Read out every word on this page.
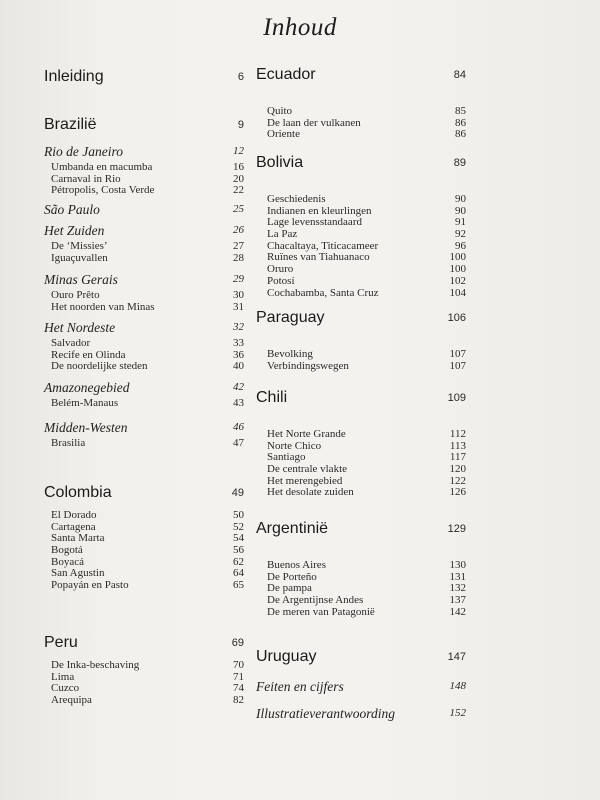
Inhoud
Inleiding	6
Brazilië	9
Rio de Janeiro	12
Umbanda en macumba	16
Carnaval in Rio	20
Pétropolis, Costa Verde	22
São Paulo	25
Het Zuiden	26
De ‘Missies’	27
Iguaçuvallen	28
Minas Gerais	29
Ouro Prêto	30
Het noorden van Minas	31
Het Nordeste	32
Salvador	33
Recife en Olinda	36
De noordelijke steden	40
Amazonegebied	42
Belém-Manaus	43
Midden-Westen	46
Brasilia	47
Colombia	49
El Dorado	50
Cartagena	52
Santa Marta	54
Bogotá	56
Boyacá	62
San Agustin	64
Popayán en Pasto	65
Peru	69
De Inka-beschaving	70
Lima	71
Cuzco	74
Arequipa	82
Ecuador	84
Quito	85
De laan der vulkanen	86
Oriente	86
Bolivia	89
Geschiedenis	90
Indianen en kleurlingen	90
Lage levensstandaard	91
La Paz	92
Chacaltaya, Titicacameer	96
Ruïnes van Tiahuanaco	100
Oruro	100
Potosí	102
Cochabamba, Santa Cruz	104
Paraguay	106
Bevolking	107
Verbindingswegen	107
Chili	109
Het Norte Grande	112
Norte Chico	113
Santiago	117
De centrale vlakte	120
Het merengebied	122
Het desolate zuiden	126
Argentinië	129
Buenos Aires	130
De Porteño	131
De pampa	132
De Argentijnse Andes	137
De meren van Patagonië	142
Uruguay	147
Feiten en cijfers	148
Illustratieverantwoording	152
